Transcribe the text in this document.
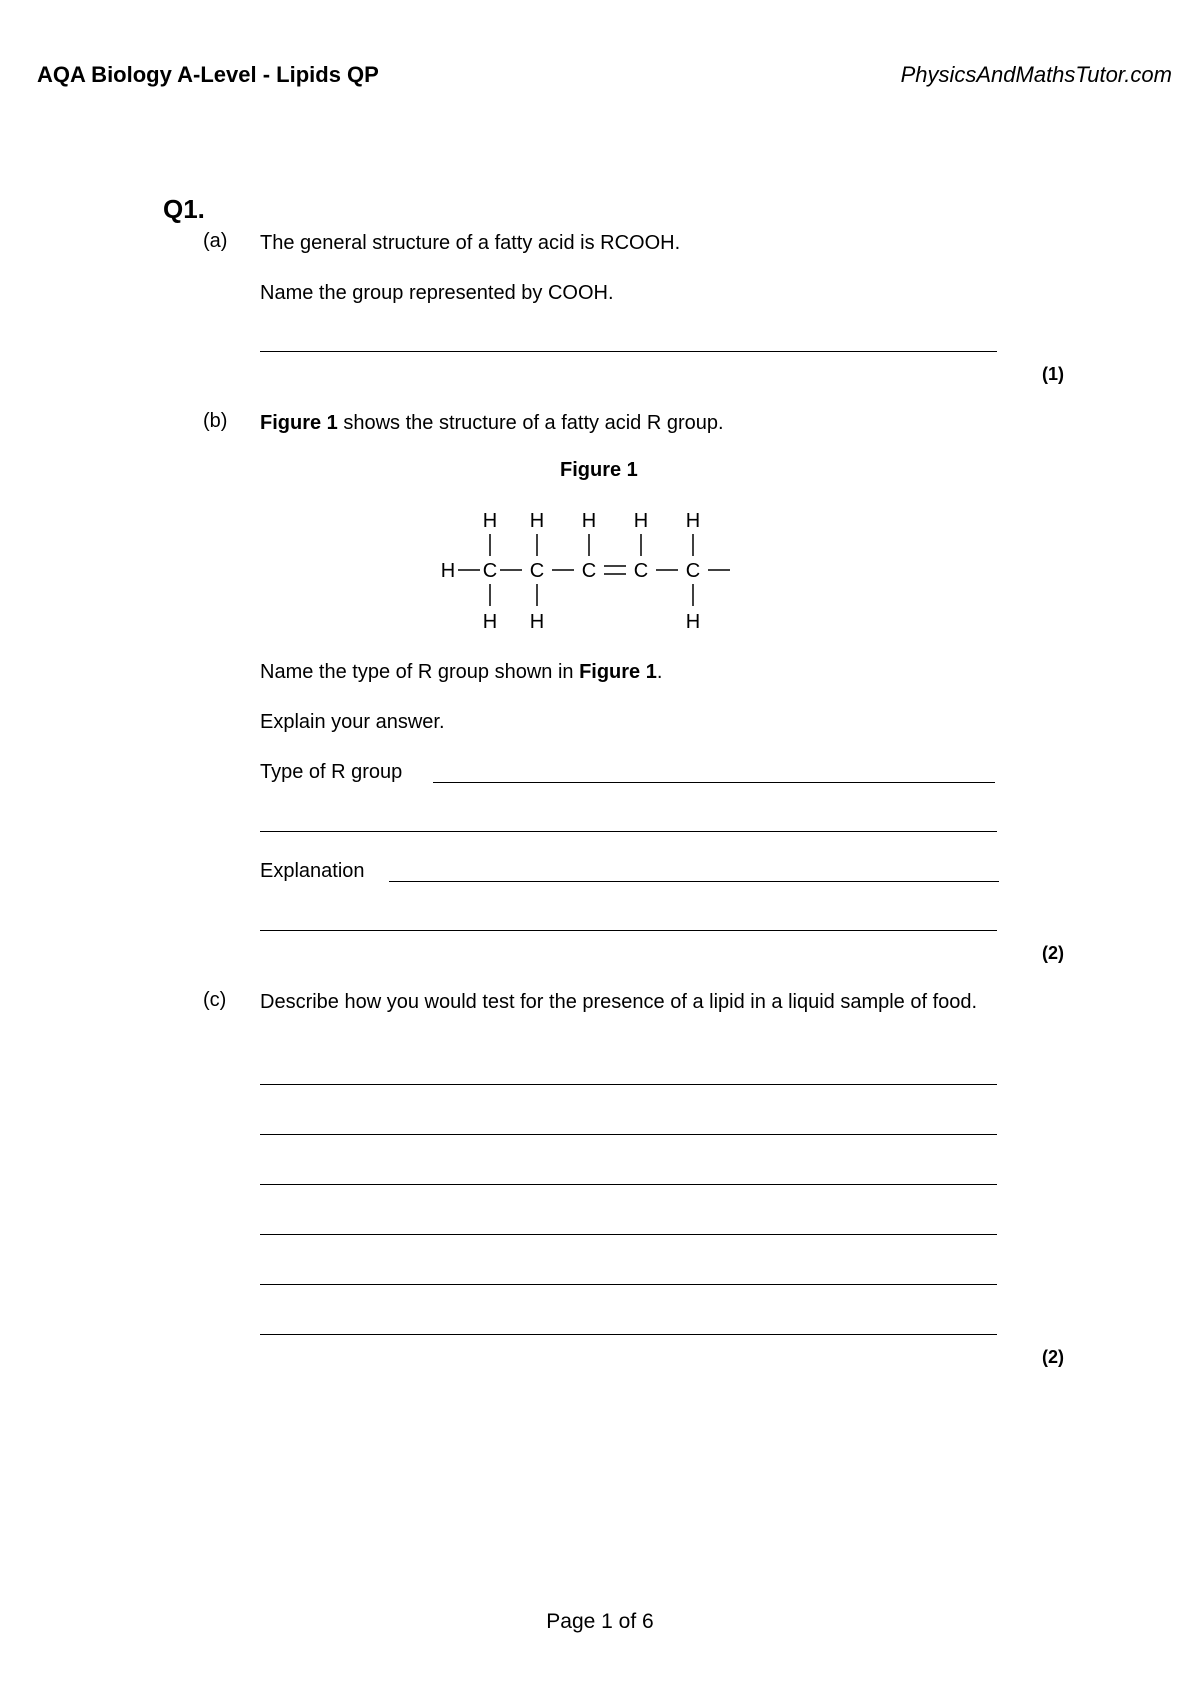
AQA Biology A-Level - Lipids QP	PhysicsAndMathsTutor.com
Q1.
(a) The general structure of a fatty acid is RCOOH.
Name the group represented by COOH.
(1)
(b) Figure 1 shows the structure of a fatty acid R group.
Figure 1
H H H H H
H C C C C C
H H	H
Name the type of R group shown in Figure 1.
Explain your answer.
Type of R group
Explanation
(2)
(c) Describe how you would test for the presence of a lipid in a liquid sample of food.
(2)
Page 1 of 6
